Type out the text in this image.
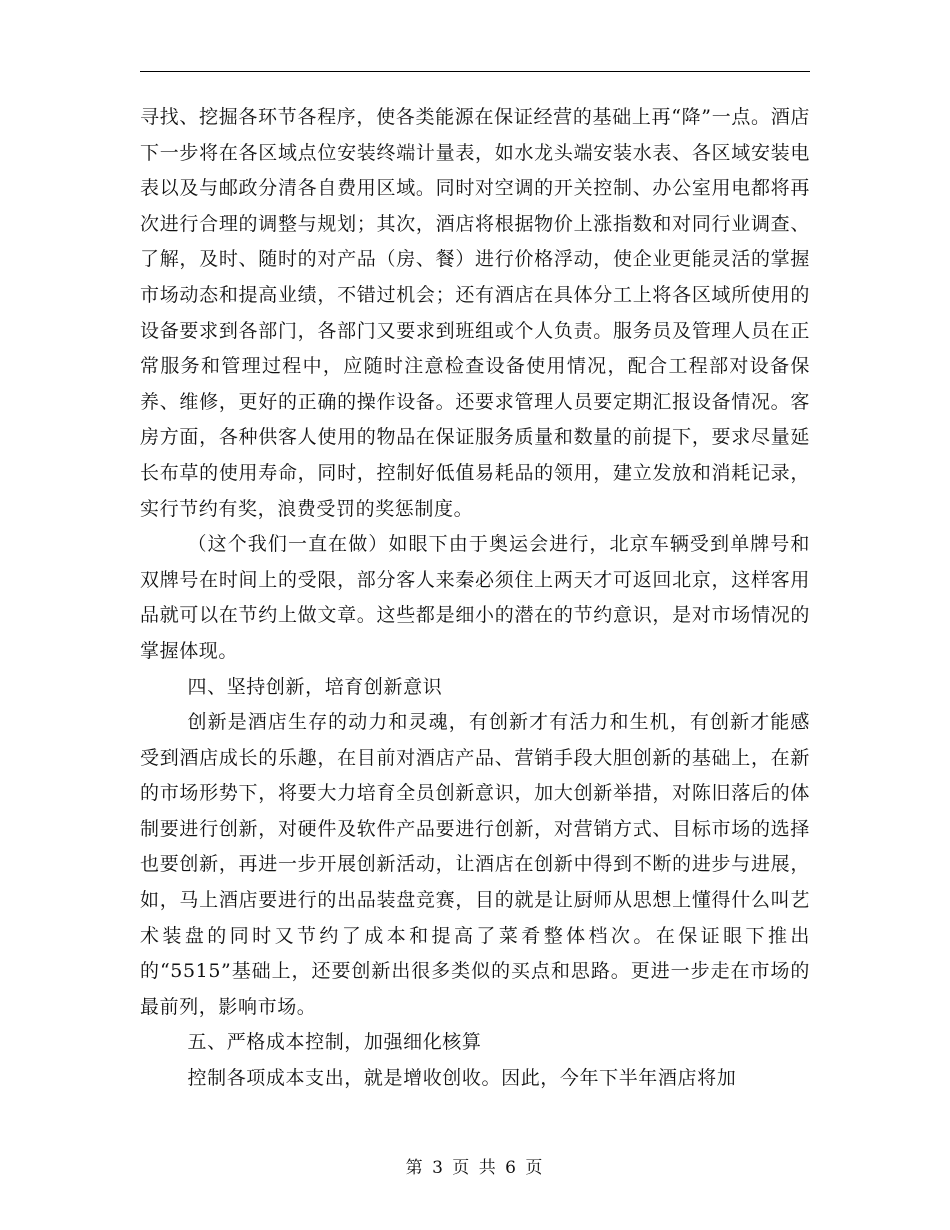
寻找、挖掘各环节各程序，使各类能源在保证经营的基础上再“降”一点。酒店下一步将在各区域点位安装终端计量表，如水龙头端安装水表、各区域安装电表以及与邮政分清各自费用区域。同时对空调的开关控制、办公室用电都将再次进行合理的调整与规划；其次，酒店将根据物价上涨指数和对同行业调查、了解，及时、随时的对产品（房、餐）进行价格浮动，使企业更能灵活的掌握市场动态和提高业绩，不错过机会；还有酒店在具体分工上将各区域所使用的设备要求到各部门，各部门又要求到班组或个人负责。服务员及管理人员在正常服务和管理过程中，应随时注意检查设备使用情况，配合工程部对设备保养、维修，更好的正确的操作设备。还要求管理人员要定期汇报设备情况。客房方面，各种供客人使用的物品在保证服务质量和数量的前提下，要求尽量延长布草的使用寿命，同时，控制好低值易耗品的领用，建立发放和消耗记录，实行节约有奖，浪费受罚的奖惩制度。

（这个我们一直在做）如眼下由于奥运会进行，北京车辆受到单牌号和双牌号在时间上的受限，部分客人来秦必须住上两天才可返回北京，这样客用品就可以在节约上做文章。这些都是细小的潜在的节约意识，是对市场情况的掌握体现。

四、坚持创新，培育创新意识

创新是酒店生存的动力和灵魂，有创新才有活力和生机，有创新才能感受到酒店成长的乐趣，在目前对酒店产品、营销手段大胆创新的基础上，在新的市场形势下，将要大力培育全员创新意识，加大创新举措，对陈旧落后的体制要进行创新，对硬件及软件产品要进行创新，对营销方式、目标市场的选择也要创新，再进一步开展创新活动，让酒店在创新中得到不断的进步与进展，如，马上酒店要进行的出品装盘竞赛，目的就是让厨师从思想上懂得什么叫艺术装盘的同时又节约了成本和提高了菜肴整体档次。在保证眼下推出的“5515”基础上，还要创新出很多类似的买点和思路。更进一步走在市场的最前列，影响市场。

五、严格成本控制，加强细化核算

控制各项成本支出，就是增收创收。因此，今年下半年酒店将加

第 3 页 共 6 页
